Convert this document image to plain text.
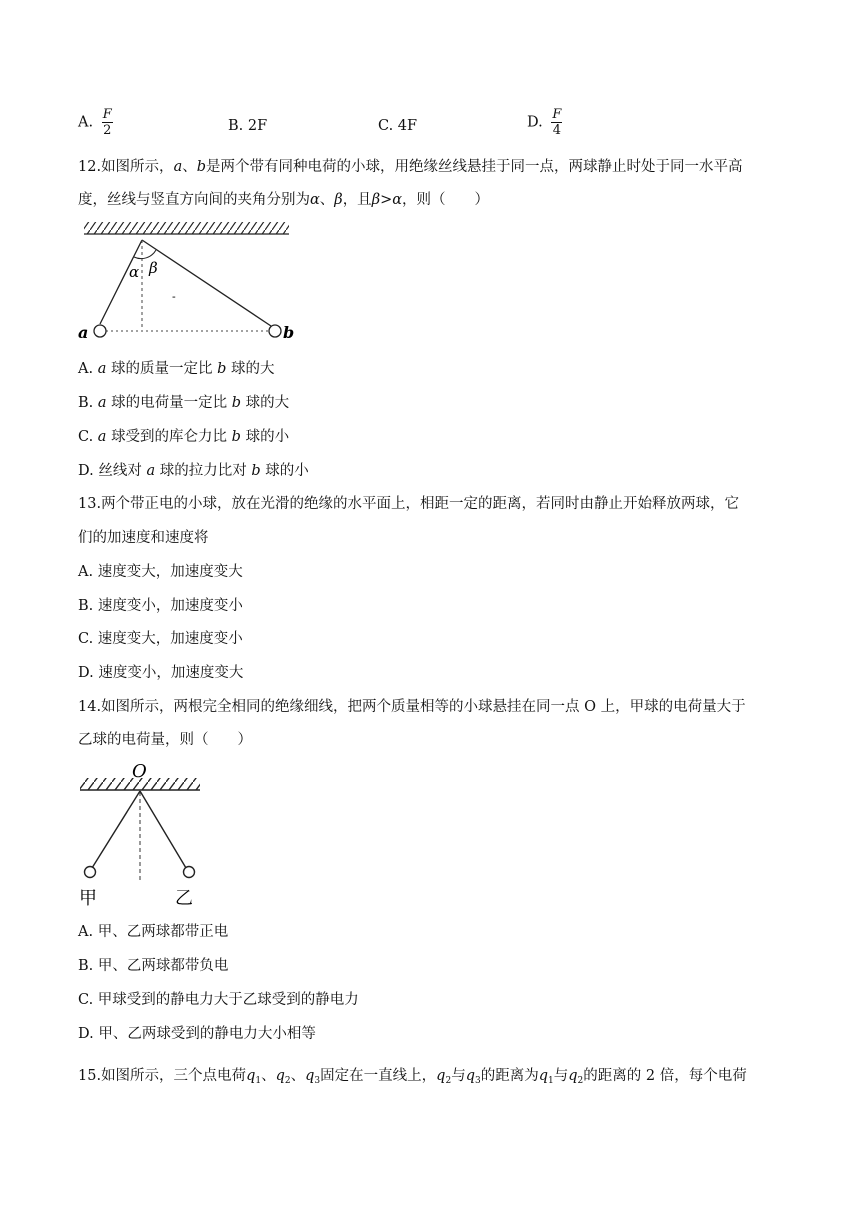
A. $\frac{F}{2}$	B. 2F	C. 4F	D. $\frac{F}{4}$
12.如图所示，a、b是两个带有同种电荷的小球，用绝缘丝线悬挂于同一点，两球静止时处于同一水平高
度，丝线与竖直方向间的夹角分别为α、β，且β>α，则（　　）
α β
-
a	b
A. a 球的质量一定比 b 球的大
B. a 球的电荷量一定比 b 球的大
C. a 球受到的库仑力比 b 球的小
D. 丝线对 a 球的拉力比对 b 球的小
13.两个带正电的小球，放在光滑的绝缘的水平面上，相距一定的距离，若同时由静止开始释放两球，它
们的加速度和速度将
A. 速度变大，加速度变大
B. 速度变小，加速度变小
C. 速度变大，加速度变小
D. 速度变小，加速度变大
14.如图所示，两根完全相同的绝缘细线，把两个质量相等的小球悬挂在同一点 O 上，甲球的电荷量大于
乙球的电荷量，则（　　）
O
甲	乙
A. 甲、乙两球都带正电
B. 甲、乙两球都带负电
C. 甲球受到的静电力大于乙球受到的静电力
D. 甲、乙两球受到的静电力大小相等
15.如图所示，三个点电荷$q_1$、$q_2$、$q_3$固定在一直线上，$q_2$与$q_3$的距离为$q_1$与$q_2$的距离的 2 倍，每个电荷
